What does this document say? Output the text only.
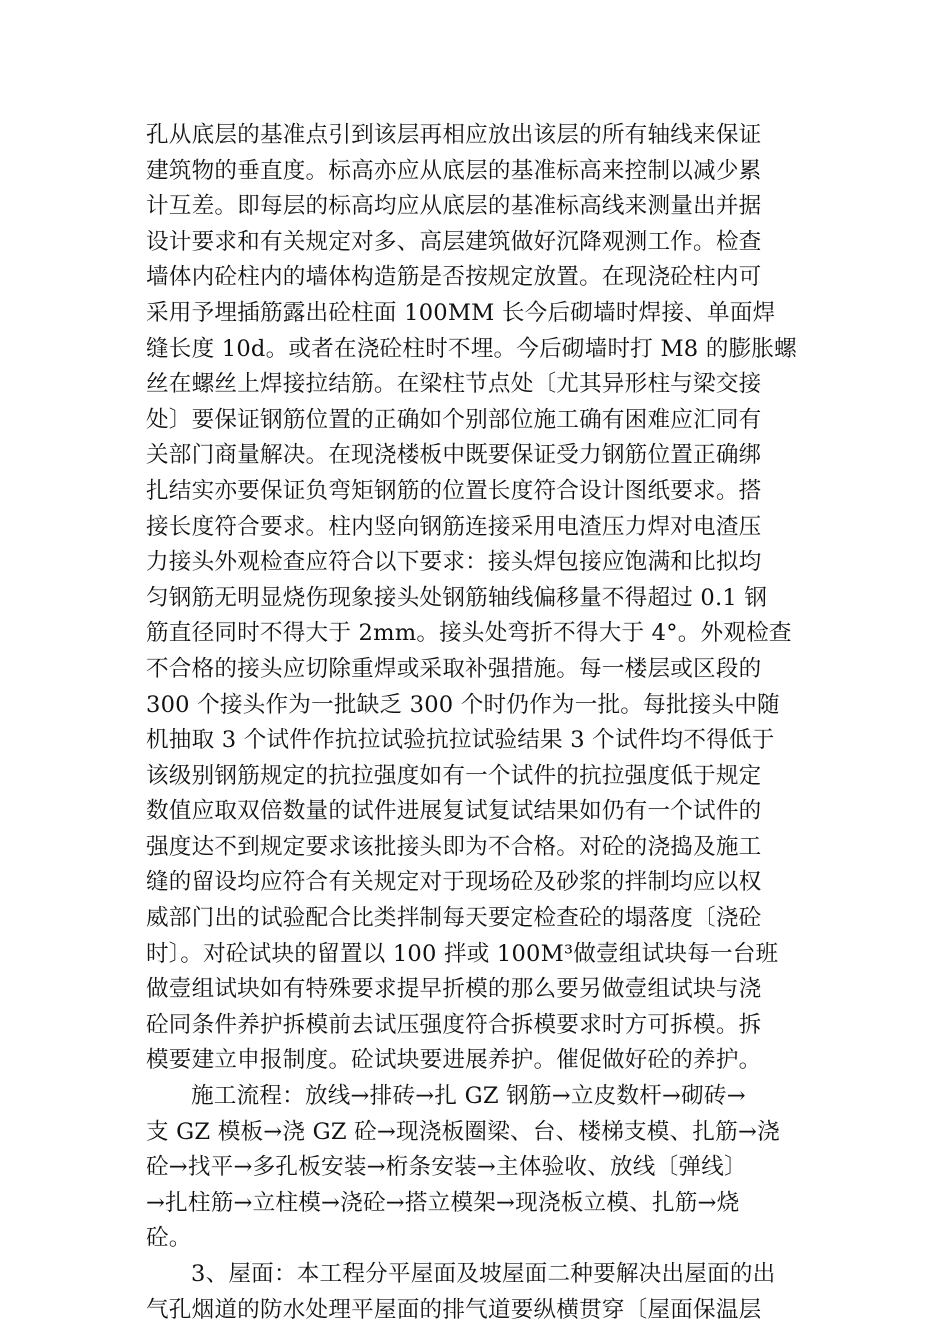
孔从底层的基准点引到该层再相应放出该层的所有轴线来保证
建筑物的垂直度。标高亦应从底层的基准标高来控制以减少累
计互差。即每层的标高均应从底层的基准标高线来测量出并据
设计要求和有关规定对多、高层建筑做好沉降观测工作。检查
墙体内砼柱内的墙体构造筋是否按规定放置。在现浇砼柱内可
采用予埋插筋露出砼柱面 100MM 长今后砌墙时焊接、单面焊
缝长度 10d。或者在浇砼柱时不埋。今后砌墙时打 M8 的膨胀螺
丝在螺丝上焊接拉结筋。在梁柱节点处〔尤其异形柱与梁交接
处〕要保证钢筋位置的正确如个别部位施工确有困难应汇同有
关部门商量解决。在现浇楼板中既要保证受力钢筋位置正确绑
扎结实亦要保证负弯矩钢筋的位置长度符合设计图纸要求。搭
接长度符合要求。柱内竖向钢筋连接采用电渣压力焊对电渣压
力接头外观检查应符合以下要求：接头焊包接应饱满和比拟均
匀钢筋无明显烧伤现象接头处钢筋轴线偏移量不得超过 0.1 钢
筋直径同时不得大于 2mm。接头处弯折不得大于 4°。外观检查
不合格的接头应切除重焊或采取补强措施。每一楼层或区段的
300 个接头作为一批缺乏 300 个时仍作为一批。每批接头中随
机抽取 3 个试件作抗拉试验抗拉试验结果 3 个试件均不得低于
该级别钢筋规定的抗拉强度如有一个试件的抗拉强度低于规定
数值应取双倍数量的试件进展复试复试结果如仍有一个试件的
强度达不到规定要求该批接头即为不合格。对砼的浇捣及施工
缝的留设均应符合有关规定对于现场砼及砂浆的拌制均应以权
威部门出的试验配合比类拌制每天要定检查砼的塌落度〔浇砼
时〕。对砼试块的留置以 100 拌或 100M³做壹组试块每一台班
做壹组试块如有特殊要求提早折模的那么要另做壹组试块与浇
砼同条件养护拆模前去试压强度符合拆模要求时方可拆模。拆
模要建立申报制度。砼试块要进展养护。催促做好砼的养护。
施工流程：放线→排砖→扎 GZ 钢筋→立皮数杆→砌砖→
支 GZ 模板→浇 GZ 砼→现浇板圈梁、台、楼梯支模、扎筋→浇
砼→找平→多孔板安装→桁条安装→主体验收、放线〔弹线〕
→扎柱筋→立柱模→浇砼→搭立模架→现浇板立模、扎筋→烧
砼。
3、屋面：本工程分平屋面及坡屋面二种要解决出屋面的出
气孔烟道的防水处理平屋面的排气道要纵横贯穿〔屋面保温层
